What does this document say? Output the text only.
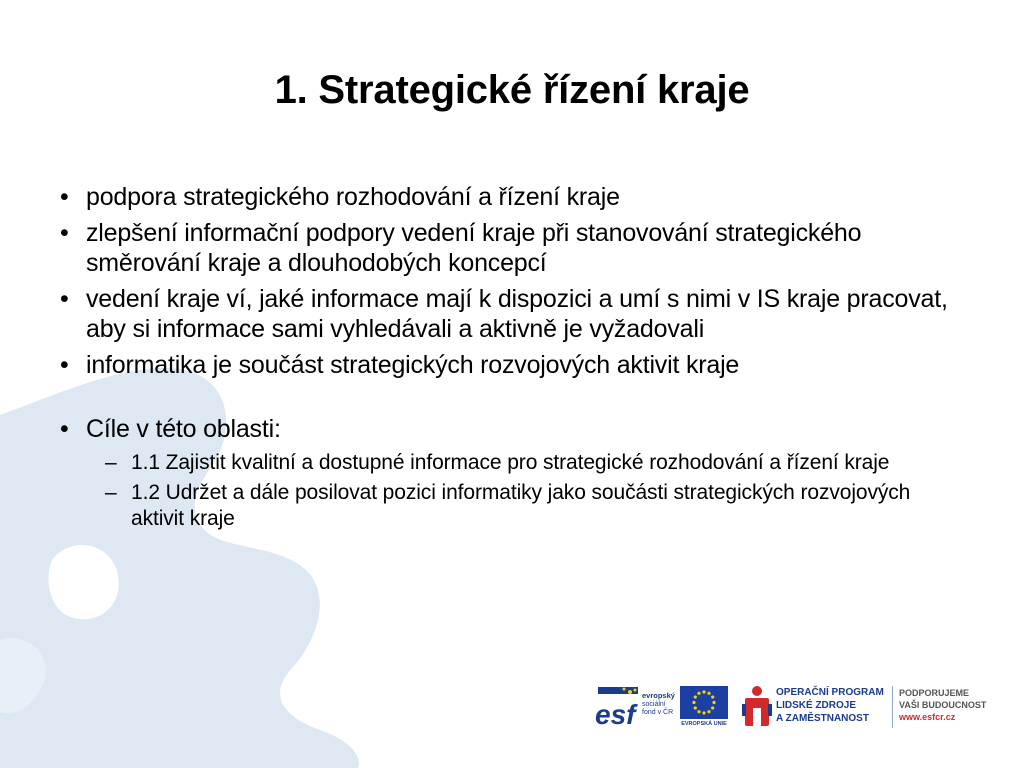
1. Strategické řízení kraje
• podpora strategického rozhodování a řízení kraje
• zlepšení informační podpory vedení kraje při stanovování strategického směrování kraje a dlouhodobých koncepcí
• vedení kraje ví, jaké informace mají k dispozici a umí s nimi v IS kraje pracovat, aby si informace sami vyhledávali a aktivně je vyžadovali
• informatika je součást strategických rozvojových aktivit kraje
• Cíle v této oblasti:
– 1.1 Zajistit kvalitní a dostupné informace pro strategické rozhodování a řízení kraje
– 1.2 Udržet a dále posilovat pozici informatiky jako součásti strategických rozvojových aktivit kraje
esf
evropský
sociální
fond v ČR
EVROPSKÁ UNIE
OPERAČNÍ PROGRAM
LIDSKÉ ZDROJE
A ZAMĚSTNANOST
PODPORUJEME
VAŠI BUDOUCNOST
www.esfcr.cz
